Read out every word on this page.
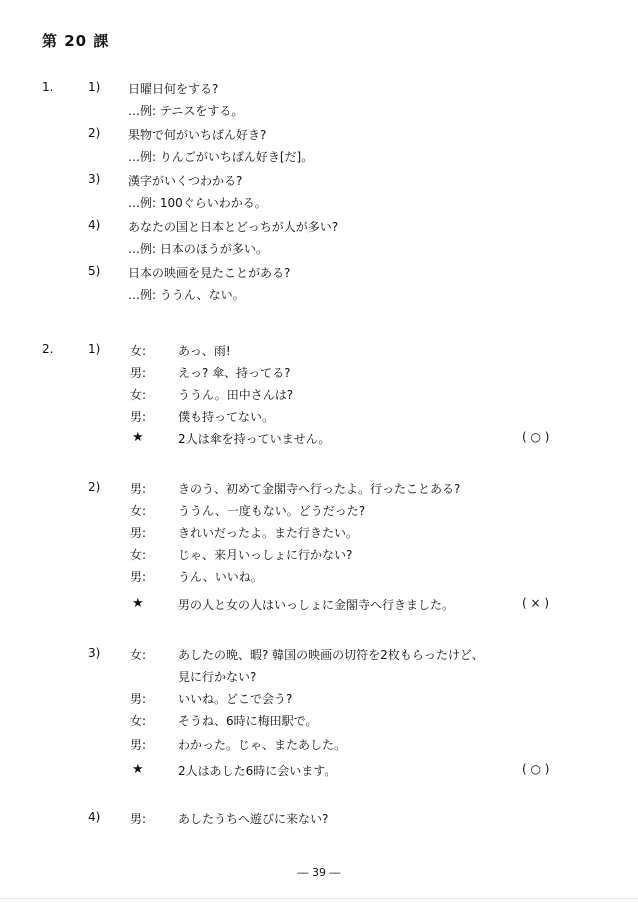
第 20 課
1.	1) 日曜日何をする?
…例: テニスをする。
2) 果物で何がいちばん好き?
…例: りんごがいちばん好き[だ]。
3) 漢字がいくつわかる?
…例: 100ぐらいわかる。
4) あなたの国と日本とどっちが人が多い?
…例: 日本のほうが多い。
5) 日本の映画を見たことがある?
…例: ううん、ない。
2.	1) 女:	あっ、雨!
男:	えっ? 傘、持ってる?
女:	ううん。田中さんは?
男:	僕も持ってない。
★	2人は傘を持っていません。	( ○ )
2) 男:	きのう、初めて金閣寺へ行ったよ。行ったことある?
女:	ううん、一度もない。どうだった?
男:	きれいだったよ。また行きたい。
女:	じゃ、来月いっしょに行かない?
男:	うん、いいね。
★	男の人と女の人はいっしょに金閣寺へ行きました。	( × )
3) 女:	あしたの晩、暇? 韓国の映画の切符を2枚もらったけど、
見に行かない?
男:	いいね。どこで会う?
女:	そうね、6時に梅田駅で。
男:	わかった。じゃ、またあした。
★	2人はあした6時に会います。	( ○ )
4) 男:	あしたうちへ遊びに来ない?
― 39 ―
